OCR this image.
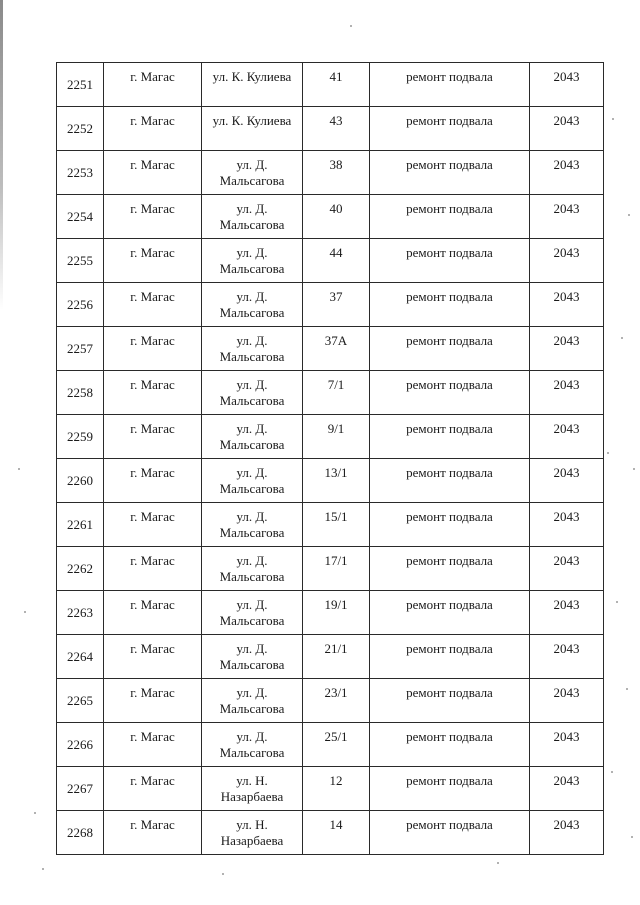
2251	г. Магас	ул. К. Кулиева	41	ремонт подвала	2043

2252	г. Магас	ул. К. Кулиева	43	ремонт подвала	2043

2253	г. Магас	ул. Д. Мальсагова	38	ремонт подвала	2043

2254	г. Магас	ул. Д. Мальсагова	40	ремонт подвала	2043

2255	г. Магас	ул. Д. Мальсагова	44	ремонт подвала	2043

2256	г. Магас	ул. Д. Мальсагова	37	ремонт подвала	2043

2257	г. Магас	ул. Д. Мальсагова	37А	ремонт подвала	2043

2258	г. Магас	ул. Д. Мальсагова	7/1	ремонт подвала	2043

2259	г. Магас	ул. Д. Мальсагова	9/1	ремонт подвала	2043

2260	г. Магас	ул. Д. Мальсагова	13/1	ремонт подвала	2043

2261	г. Магас	ул. Д. Мальсагова	15/1	ремонт подвала	2043

2262	г. Магас	ул. Д. Мальсагова	17/1	ремонт подвала	2043

2263	г. Магас	ул. Д. Мальсагова	19/1	ремонт подвала	2043

2264	г. Магас	ул. Д. Мальсагова	21/1	ремонт подвала	2043

2265	г. Магас	ул. Д. Мальсагова	23/1	ремонт подвала	2043

2266	г. Магас	ул. Д. Мальсагова	25/1	ремонт подвала	2043

2267	г. Магас	ул. Н. Назарбаева	12	ремонт подвала	2043

2268	г. Магас	ул. Н. Назарбаева	14	ремонт подвала	2043
